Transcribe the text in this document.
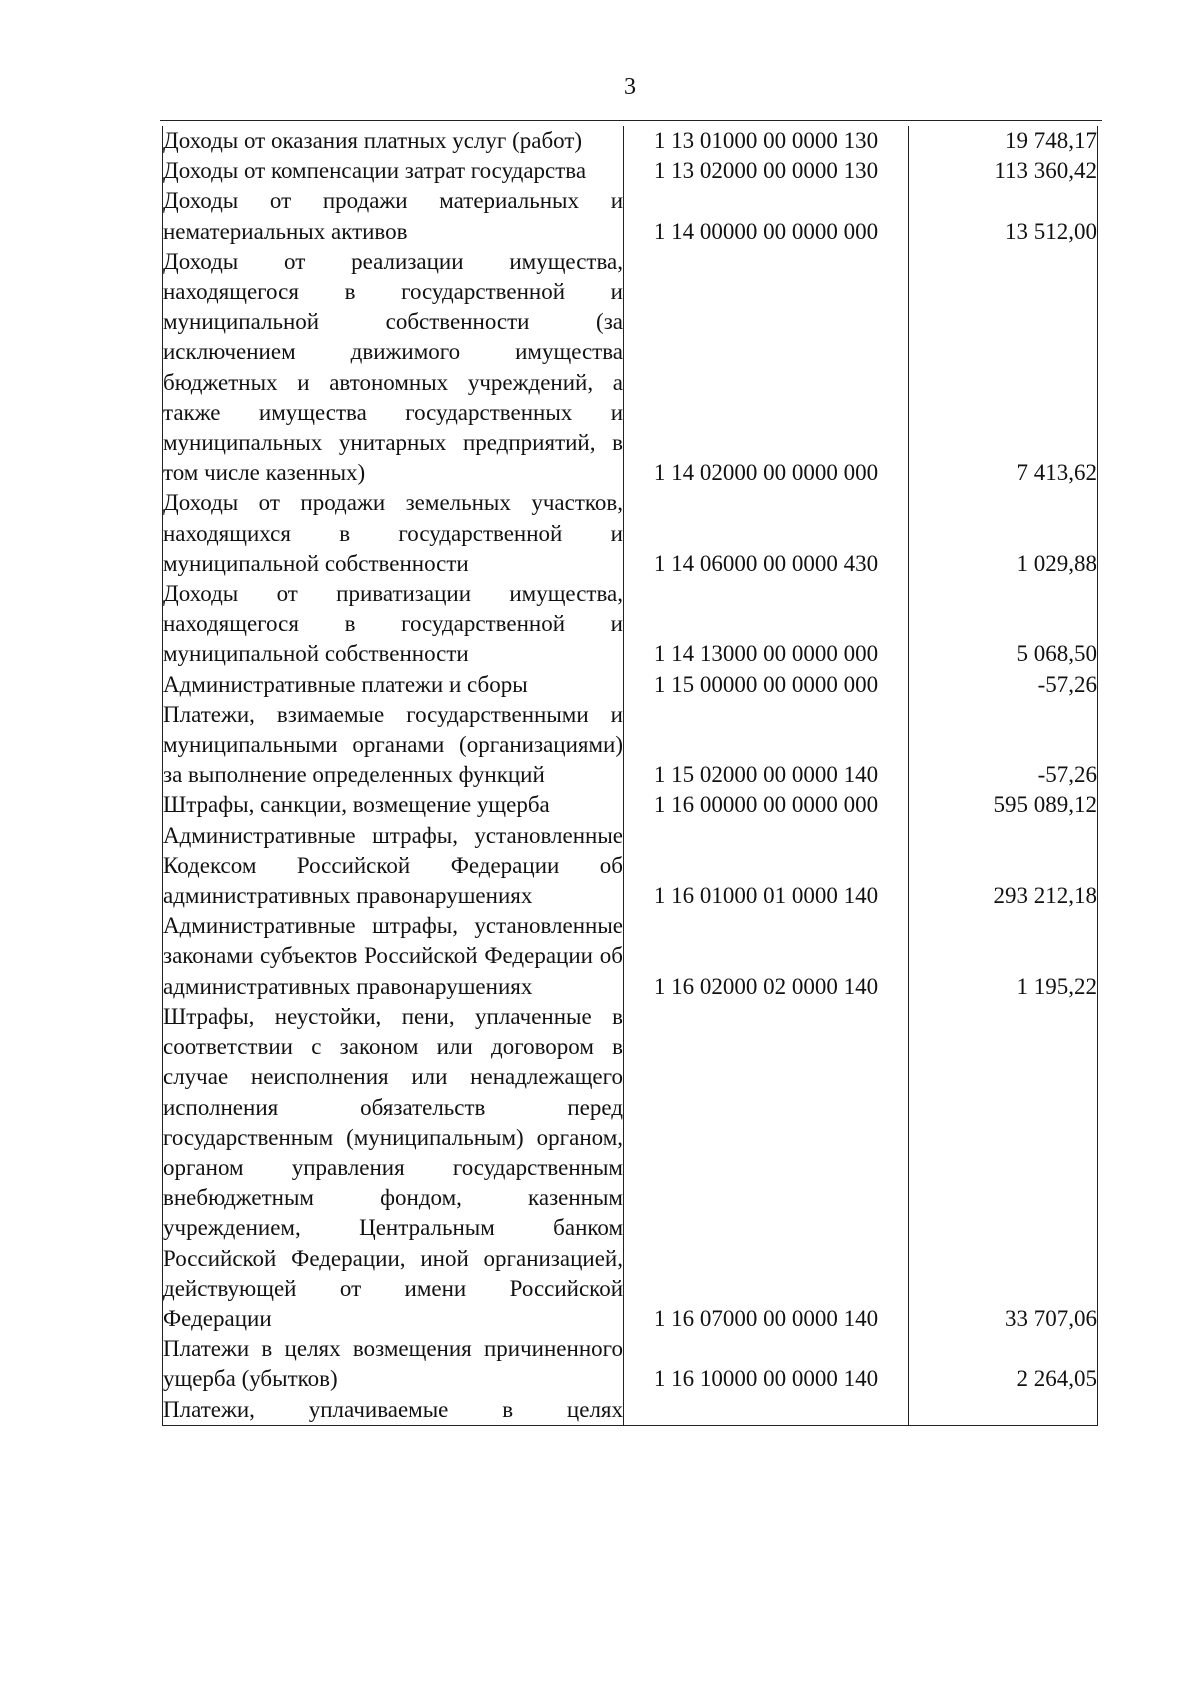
3
Доходы от оказания платных услуг (работ)	1 13 01000 00 0000 130	19 748,17
Доходы от компенсации затрат государства	1 13 02000 00 0000 130	113 360,42
Доходы от продажи материальных и нематериальных активов	1 14 00000 00 0000 000	13 512,00
Доходы от реализации имущества, находящегося в государственной и муниципальной собственности (за исключением движимого имущества бюджетных и автономных учреждений, а также имущества государственных и муниципальных унитарных предприятий, в том числе казенных)	1 14 02000 00 0000 000	7 413,62
Доходы от продажи земельных участков, находящихся в государственной и муниципальной собственности	1 14 06000 00 0000 430	1 029,88
Доходы от приватизации имущества, находящегося в государственной и муниципальной собственности	1 14 13000 00 0000 000	5 068,50
Административные платежи и сборы	1 15 00000 00 0000 000	-57,26
Платежи, взимаемые государственными и муниципальными органами (организациями) за выполнение определенных функций	1 15 02000 00 0000 140	-57,26
Штрафы, санкции, возмещение ущерба	1 16 00000 00 0000 000	595 089,12
Административные штрафы, установленные Кодексом Российской Федерации об административных правонарушениях	1 16 01000 01 0000 140	293 212,18
Административные штрафы, установленные законами субъектов Российской Федерации об административных правонарушениях	1 16 02000 02 0000 140	1 195,22
Штрафы, неустойки, пени, уплаченные в соответствии с законом или договором в случае неисполнения или ненадлежащего исполнения обязательств перед государственным (муниципальным) органом, органом управления государственным внебюджетным фондом, казенным учреждением, Центральным банком Российской Федерации, иной организацией, действующей от имени Российской Федерации	1 16 07000 00 0000 140	33 707,06
Платежи в целях возмещения причиненного ущерба (убытков)	1 16 10000 00 0000 140	2 264,05
Платежи, уплачиваемые в целях		
